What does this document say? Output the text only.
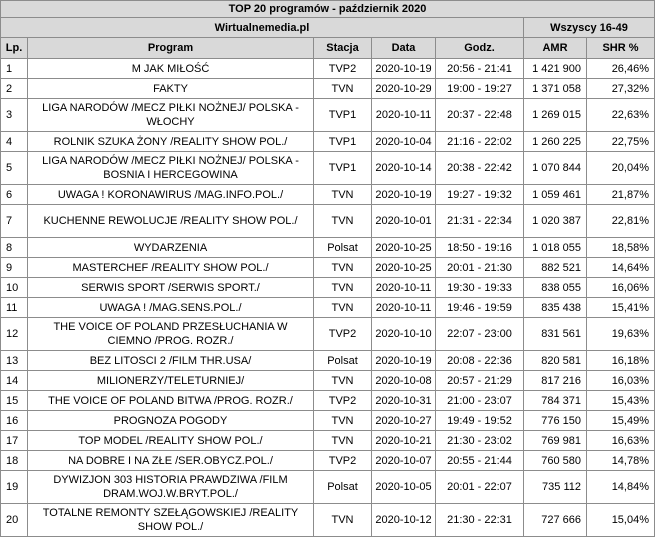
TOP 20 programów - październik 2020						
Wirtualnemedia.pl					Wszyscy 16-49	
Lp.	Program	Stacja	Data	Godz.	AMR	SHR %
1	M JAK MIŁOŚĆ	TVP2	2020-10-19	20:56 - 21:41	1 421 900	26,46%
2	FAKTY	TVN	2020-10-29	19:00 - 19:27	1 371 058	27,32%
3	LIGA NARODÓW /MECZ PIŁKI NOŻNEJ/ POLSKA - WŁOCHY	TVP1	2020-10-11	20:37 - 22:48	1 269 015	22,63%
4	ROLNIK SZUKA ŻONY /REALITY SHOW POL./	TVP1	2020-10-04	21:16 - 22:02	1 260 225	22,75%
5	LIGA NARODÓW /MECZ PIŁKI NOŻNEJ/ POLSKA - BOSNIA I HERCEGOWINA	TVP1	2020-10-14	20:38 - 22:42	1 070 844	20,04%
6	UWAGA ! KORONAWIRUS /MAG.INFO.POL./	TVN	2020-10-19	19:27 - 19:32	1 059 461	21,87%
7	KUCHENNE REWOLUCJE /REALITY SHOW POL./	TVN	2020-10-01	21:31 - 22:34	1 020 387	22,81%
8	WYDARZENIA	Polsat	2020-10-25	18:50 - 19:16	1 018 055	18,58%
9	MASTERCHEF /REALITY SHOW POL./	TVN	2020-10-25	20:01 - 21:30	882 521	14,64%
10	SERWIS SPORT /SERWIS SPORT./	TVN	2020-10-11	19:30 - 19:33	838 055	16,06%
11	UWAGA ! /MAG.SENS.POL./	TVN	2020-10-11	19:46 - 19:59	835 438	15,41%
12	THE VOICE OF POLAND PRZESŁUCHANIA W CIEMNO /PROG. ROZR./	TVP2	2020-10-10	22:07 - 23:00	831 561	19,63%
13	BEZ LITOSCI 2 /FILM THR.USA/	Polsat	2020-10-19	20:08 - 22:36	820 581	16,18%
14	MILIONERZY/TELETURNIEJ/	TVN	2020-10-08	20:57 - 21:29	817 216	16,03%
15	THE VOICE OF POLAND BITWA /PROG. ROZR./	TVP2	2020-10-31	21:00 - 23:07	784 371	15,43%
16	PROGNOZA POGODY	TVN	2020-10-27	19:49 - 19:52	776 150	15,49%
17	TOP MODEL /REALITY SHOW POL./	TVN	2020-10-21	21:30 - 23:02	769 981	16,63%
18	NA DOBRE I NA ZŁE /SER.OBYCZ.POL./	TVP2	2020-10-07	20:55 - 21:44	760 580	14,78%
19	DYWIZJON 303 HISTORIA PRAWDZIWA /FILM DRAM.WOJ.W.BRYT.POL./	Polsat	2020-10-05	20:01 - 22:07	735 112	14,84%
20	TOTALNE REMONTY SZEŁĄGOWSKIEJ /REALITY SHOW POL./	TVN	2020-10-12	21:30 - 22:31	727 666	15,04%
